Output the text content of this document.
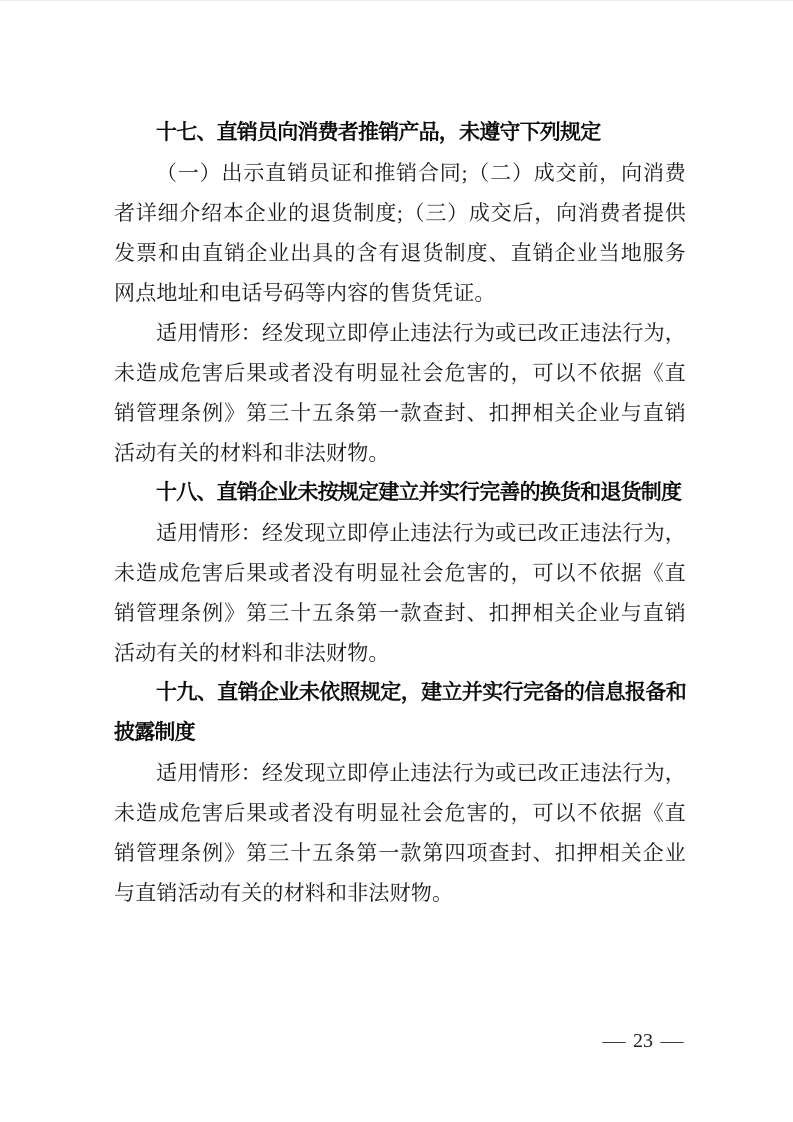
十七、直销员向消费者推销产品，未遵守下列规定

（一）出示直销员证和推销合同;（二）成交前，向消费者详细介绍本企业的退货制度;（三）成交后，向消费者提供发票和由直销企业出具的含有退货制度、直销企业当地服务网点地址和电话号码等内容的售货凭证。

适用情形：经发现立即停止违法行为或已改正违法行为，未造成危害后果或者没有明显社会危害的，可以不依据《直销管理条例》第三十五条第一款查封、扣押相关企业与直销活动有关的材料和非法财物。

十八、直销企业未按规定建立并实行完善的换货和退货制度

适用情形：经发现立即停止违法行为或已改正违法行为，未造成危害后果或者没有明显社会危害的，可以不依据《直销管理条例》第三十五条第一款查封、扣押相关企业与直销活动有关的材料和非法财物。

十九、直销企业未依照规定，建立并实行完备的信息报备和披露制度

适用情形：经发现立即停止违法行为或已改正违法行为，未造成危害后果或者没有明显社会危害的，可以不依据《直销管理条例》第三十五条第一款第四项查封、扣押相关企业与直销活动有关的材料和非法财物。

— 23 —
